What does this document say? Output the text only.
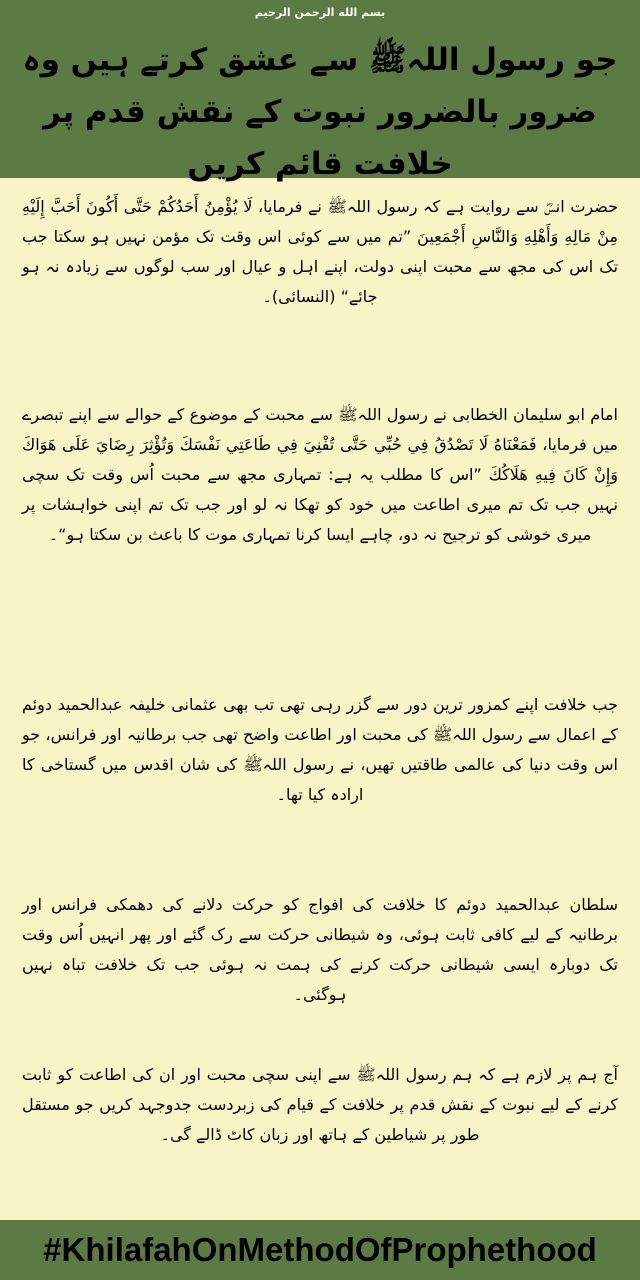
بسم الله الرحمن الرحيم
جو رسول اللہﷺ سے عشق کرتے ہیں وہ ضرور بالضرور نبوت کے نقش قدم پر خلافت قائم کریں
حضرت انسؓ سے روایت ہے کہ رسول اللہﷺ نے فرمایا، لَا يُؤْمِنُ أَحَدُكُمْ حَتَّى أَكُونَ أَحَبَّ إِلَيْهِ مِنْ مَالِهِ وَأَهْلِهِ وَالنَّاسِ أَجْمَعِينَ ”تم میں سے کوئی اس وقت تک مؤمن نہیں ہو سکتا جب تک اس کی مجھ سے محبت اپنی دولت، اپنے اہل و عیال اور سب لوگوں سے زیادہ نہ ہو جائے“ (النسائی)۔
امام ابو سلیمان الخطابی نے رسول اللہﷺ سے محبت کے موضوع کے حوالے سے اپنے تبصرے میں فرمایا، فَمَعْنَاهُ لَا تَصْدُقُ فِي حُبِّي حَتَّى تُفْنِيَ فِي طَاعَتِي نَفْسَكَ وَتُؤْثِرَ رِضَايَ عَلَى هَوَاكَ وَإِنْ كَانَ فِيهِ هَلَاكُكَ ”اس کا مطلب یہ ہے: تمہاری مجھ سے محبت اُس وقت تک سچی نہیں جب تک تم میری اطاعت میں خود کو تھکا نہ لو اور جب تک تم اپنی خواہشات پر میری خوشی کو ترجیح نہ دو، چاہے ایسا کرنا تمہاری موت کا باعث بن سکتا ہو“۔
جب خلافت اپنے کمزور ترین دور سے گزر رہی تھی تب بھی عثمانی خلیفہ عبدالحمید دوئم کے اعمال سے رسول اللہﷺ کی محبت اور اطاعت واضح تھی جب برطانیہ اور فرانس، جو اس وقت دنیا کی عالمی طاقتیں تھیں، نے رسول اللہﷺ کی شان اقدس میں گستاخی کا ارادہ کیا تھا۔
سلطان عبدالحمید دوئم کا خلافت کی افواج کو حرکت دلانے کی دھمکی فرانس اور برطانیہ کے لیے کافی ثابت ہوئی، وہ شیطانی حرکت سے رک گئے اور پھر انہیں اُس وقت تک دوبارہ ایسی شیطانی حرکت کرنے کی ہمت نہ ہوئی جب تک خلافت تباہ نہیں ہوگئی۔
آج ہم پر لازم ہے کہ ہم رسول اللہﷺ سے اپنی سچی محبت اور ان کی اطاعت کو ثابت کرنے کے لیے نبوت کے نقش قدم پر خلافت کے قیام کی زبردست جدوجہد کریں جو مستقل طور پر شیاطین کے ہاتھ اور زبان کاٹ ڈالے گی۔
#KhilafahOnMethodOfProphethood
